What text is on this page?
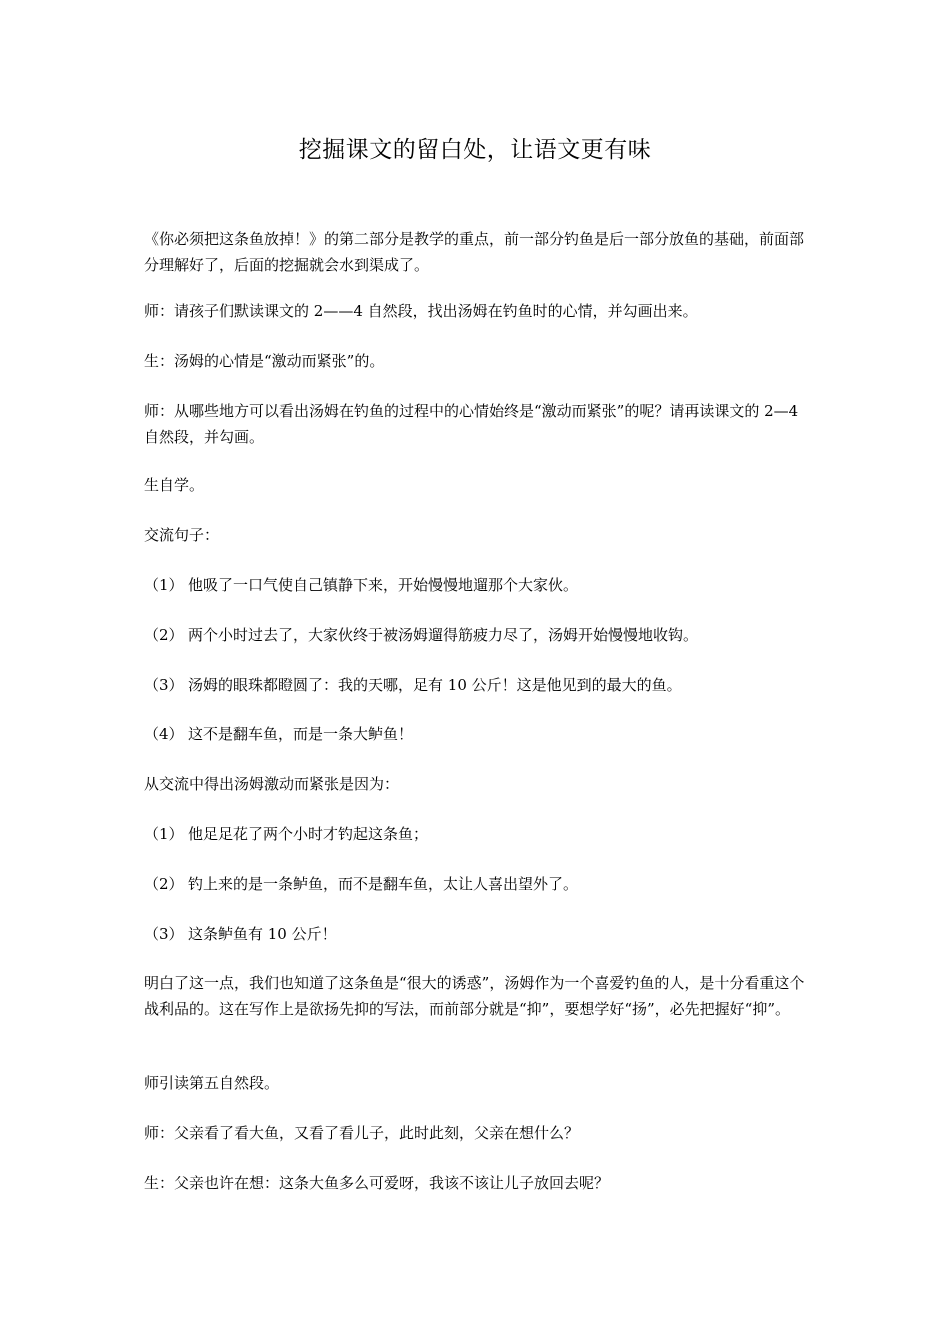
挖掘课文的留白处，让语文更有味

《你必须把这条鱼放掉！》的第二部分是教学的重点，前一部分钓鱼是后一部分放鱼的基础，前面部分理解好了，后面的挖掘就会水到渠成了。

师：请孩子们默读课文的 2——4 自然段，找出汤姆在钓鱼时的心情，并勾画出来。

生：汤姆的心情是“激动而紧张”的。

师：从哪些地方可以看出汤姆在钓鱼的过程中的心情始终是“激动而紧张”的呢？请再读课文的 2—4 自然段，并勾画。

生自学。

交流句子：

（1） 他吸了一口气使自己镇静下来，开始慢慢地遛那个大家伙。

（2） 两个小时过去了，大家伙终于被汤姆遛得筋疲力尽了，汤姆开始慢慢地收钩。

（3） 汤姆的眼珠都瞪圆了：我的天哪，足有 10 公斤！这是他见到的最大的鱼。

（4） 这不是翻车鱼，而是一条大鲈鱼！

从交流中得出汤姆激动而紧张是因为：

（1） 他足足花了两个小时才钓起这条鱼；

（2） 钓上来的是一条鲈鱼，而不是翻车鱼，太让人喜出望外了。

（3） 这条鲈鱼有 10 公斤！

明白了这一点，我们也知道了这条鱼是“很大的诱惑”，汤姆作为一个喜爱钓鱼的人，是十分看重这个战利品的。这在写作上是欲扬先抑的写法，而前部分就是“抑”，要想学好“扬”，必先把握好“抑”。

师引读第五自然段。

师：父亲看了看大鱼，又看了看儿子，此时此刻，父亲在想什么？

生：父亲也许在想：这条大鱼多么可爱呀，我该不该让儿子放回去呢？
